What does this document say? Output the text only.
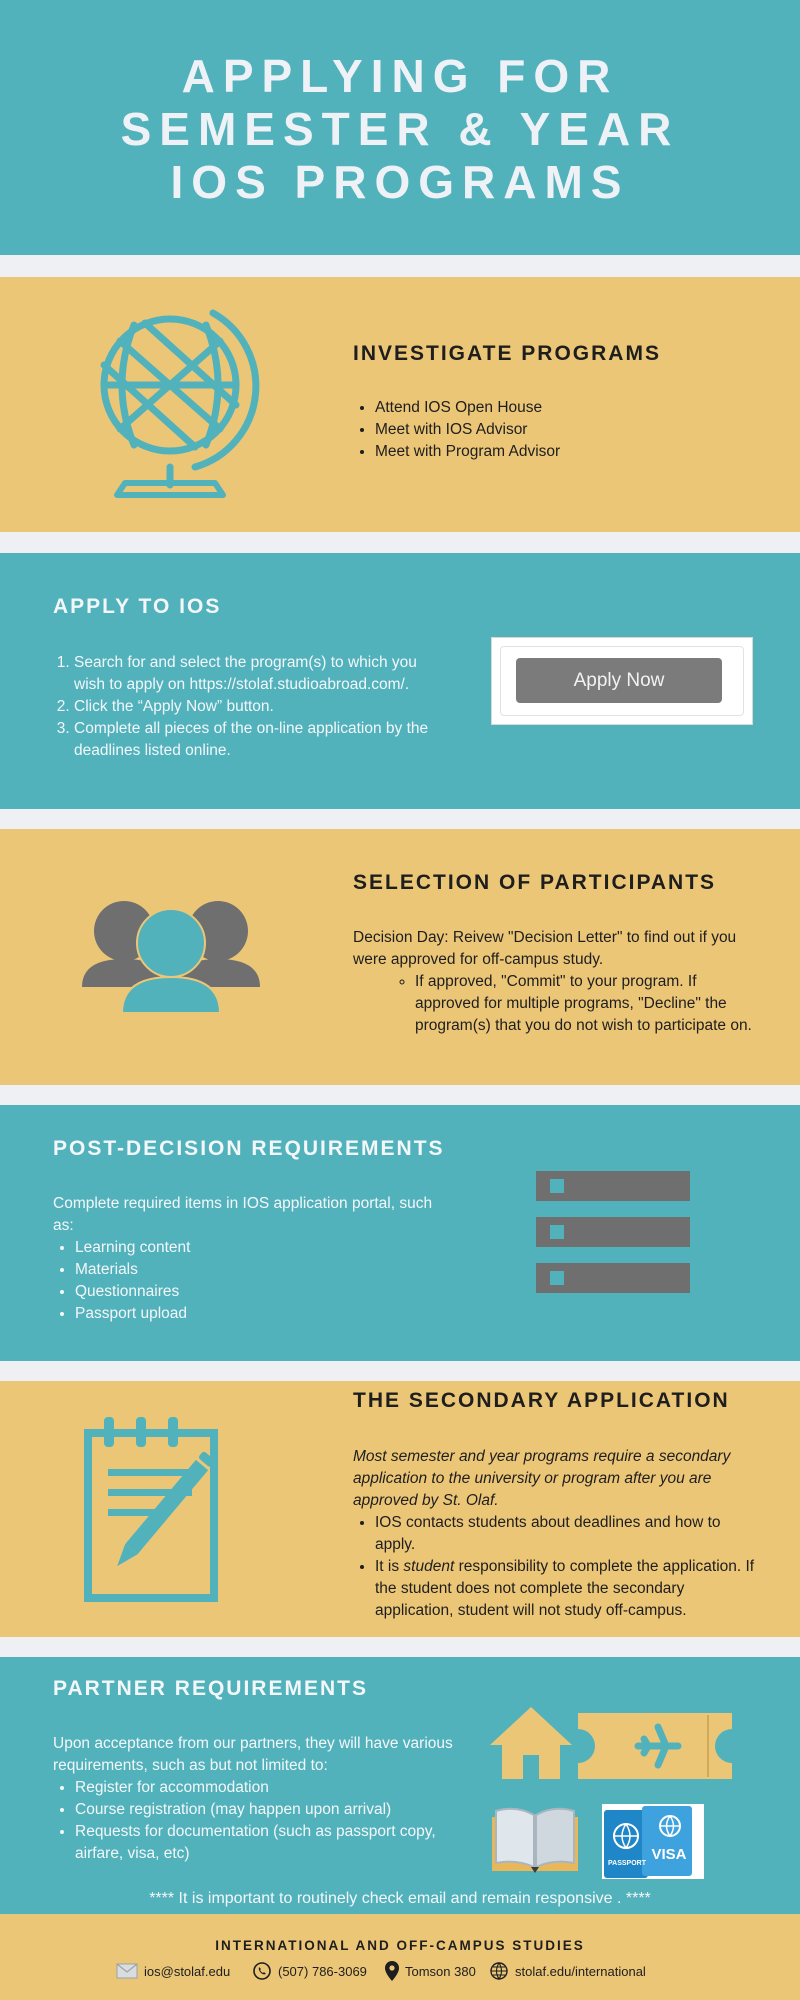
APPLYING FOR
SEMESTER & YEAR
IOS PROGRAMS
INVESTIGATE PROGRAMS
• Attend IOS Open House
• Meet with IOS Advisor
• Meet with Program Advisor
APPLY TO IOS
1. Search for and select the program(s) to which you wish to apply on https://stolaf.studioabroad.com/.
2. Click the “Apply Now” button.
3. Complete all pieces of the on-line application by the deadlines listed online.
Apply Now
SELECTION OF PARTICIPANTS

Decision Day: Reivew "Decision Letter" to find out if you were approved for off-campus study.

◦ If approved, "Commit" to your program. If approved for multiple programs, "Decline" the program(s) that you do not wish to participate on.
POST-DECISION REQUIREMENTS

Complete required items in IOS application portal, such as:

• Learning content
• Materials
• Questionnaires
• Passport upload
THE SECONDARY APPLICATION

Most semester and year programs require a secondary application to the university or program after you are approved by St. Olaf.

• IOS contacts students about deadlines and how to apply.
• It is student responsibility to complete the application. If the student does not complete the secondary application, student will not study off-campus.
PARTNER REQUIREMENTS

Upon acceptance from our partners, they will have various requirements, such as but not limited to:

• Register for accommodation
• Course registration (may happen upon arrival)
• Requests for documentation (such as passport copy, airfare, visa, etc)
PASSPORT
VISA
**** It is important to routinely check email and remain responsive . ****
INTERNATIONAL AND OFF-CAMPUS STUDIES
ios@stolaf.edu	(507) 786-3069	Tomson 380	stolaf.edu/international
